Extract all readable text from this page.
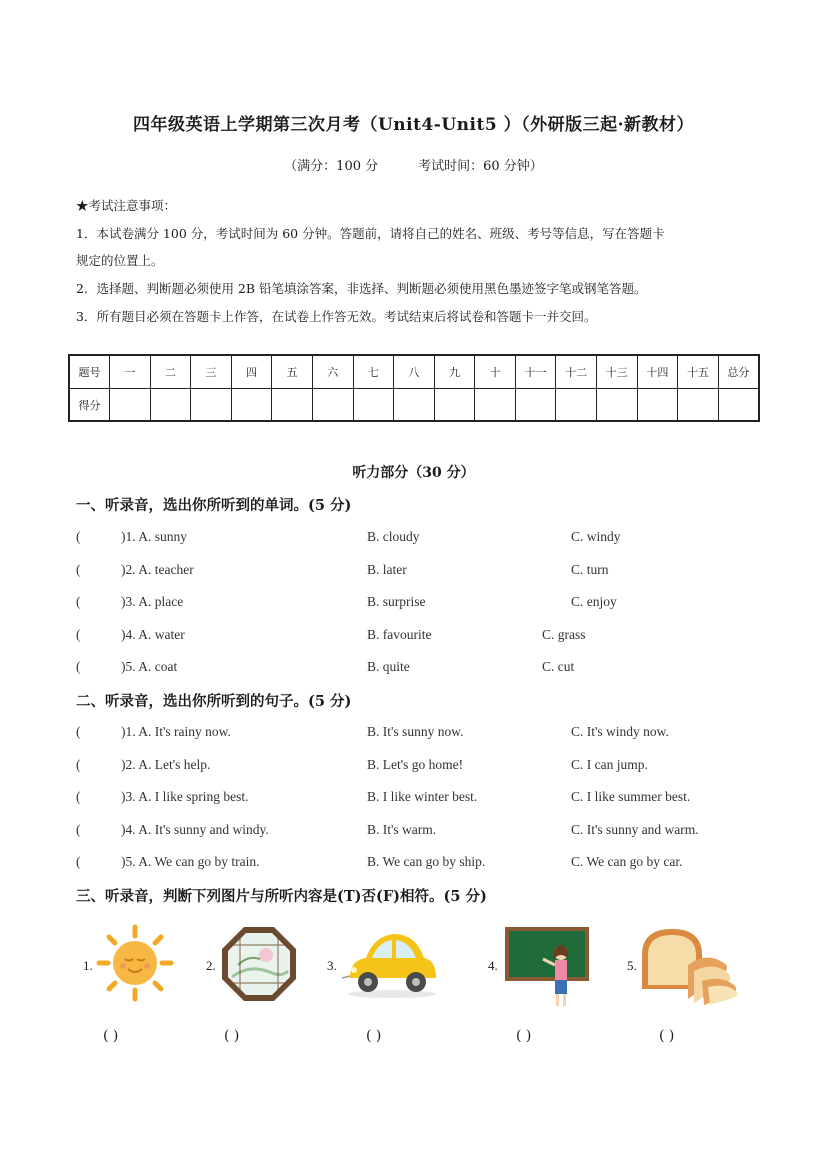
四年级英语上学期第三次月考（Unit4-Unit5 ）（外研版三起·新教材）
（满分：100 分	考试时间：60 分钟）
★考试注意事项：
1．本试卷满分 100 分，考试时间为 60 分钟。答题前，请将自己的姓名、班级、考号等信息，写在答题卡
规定的位置上。
2．选择题、判断题必须使用 2B 铅笔填涂答案，非选择、判断题必须使用黑色墨迹签字笔或钢笔答题。
3．所有题目必须在答题卡上作答，在试卷上作答无效。考试结束后将试卷和答题卡一并交回。
题号	一	二	三	四	五	六	七	八	九	十	十一	十二	十三	十四	十五	总分
得分																
听力部分（30 分）
一、听录音，选出你所听到的单词。(5 分)
(	)1. A. sunny	B. cloudy	C. windy
(	)2. A. teacher	B. later	C. turn
(	)3. A. place	B. surprise	C. enjoy
(	)4. A. water	B. favourite	C. grass
(	)5. A. coat	B. quite	C. cut
二、听录音，选出你所听到的句子。(5 分)
(	)1. A. It's rainy now.	B. It's sunny now.	C. It's windy now.
(	)2. A. Let's help.	B. Let's go home!	C. I can jump.
(	)3. A. I like spring best.	B. I like winter best.	C. I like summer best.
(	)4. A. It's sunny and windy.	B. It's warm.	C. It's sunny and warm.
(	)5. A. We can go by train.	B. We can go by ship.	C. We can go by car.
三、听录音，判断下列图片与所听内容是(T)否(F)相符。(5 分)
1.
( )
2.
( )
3.
( )
4.
( )
5.
( )
